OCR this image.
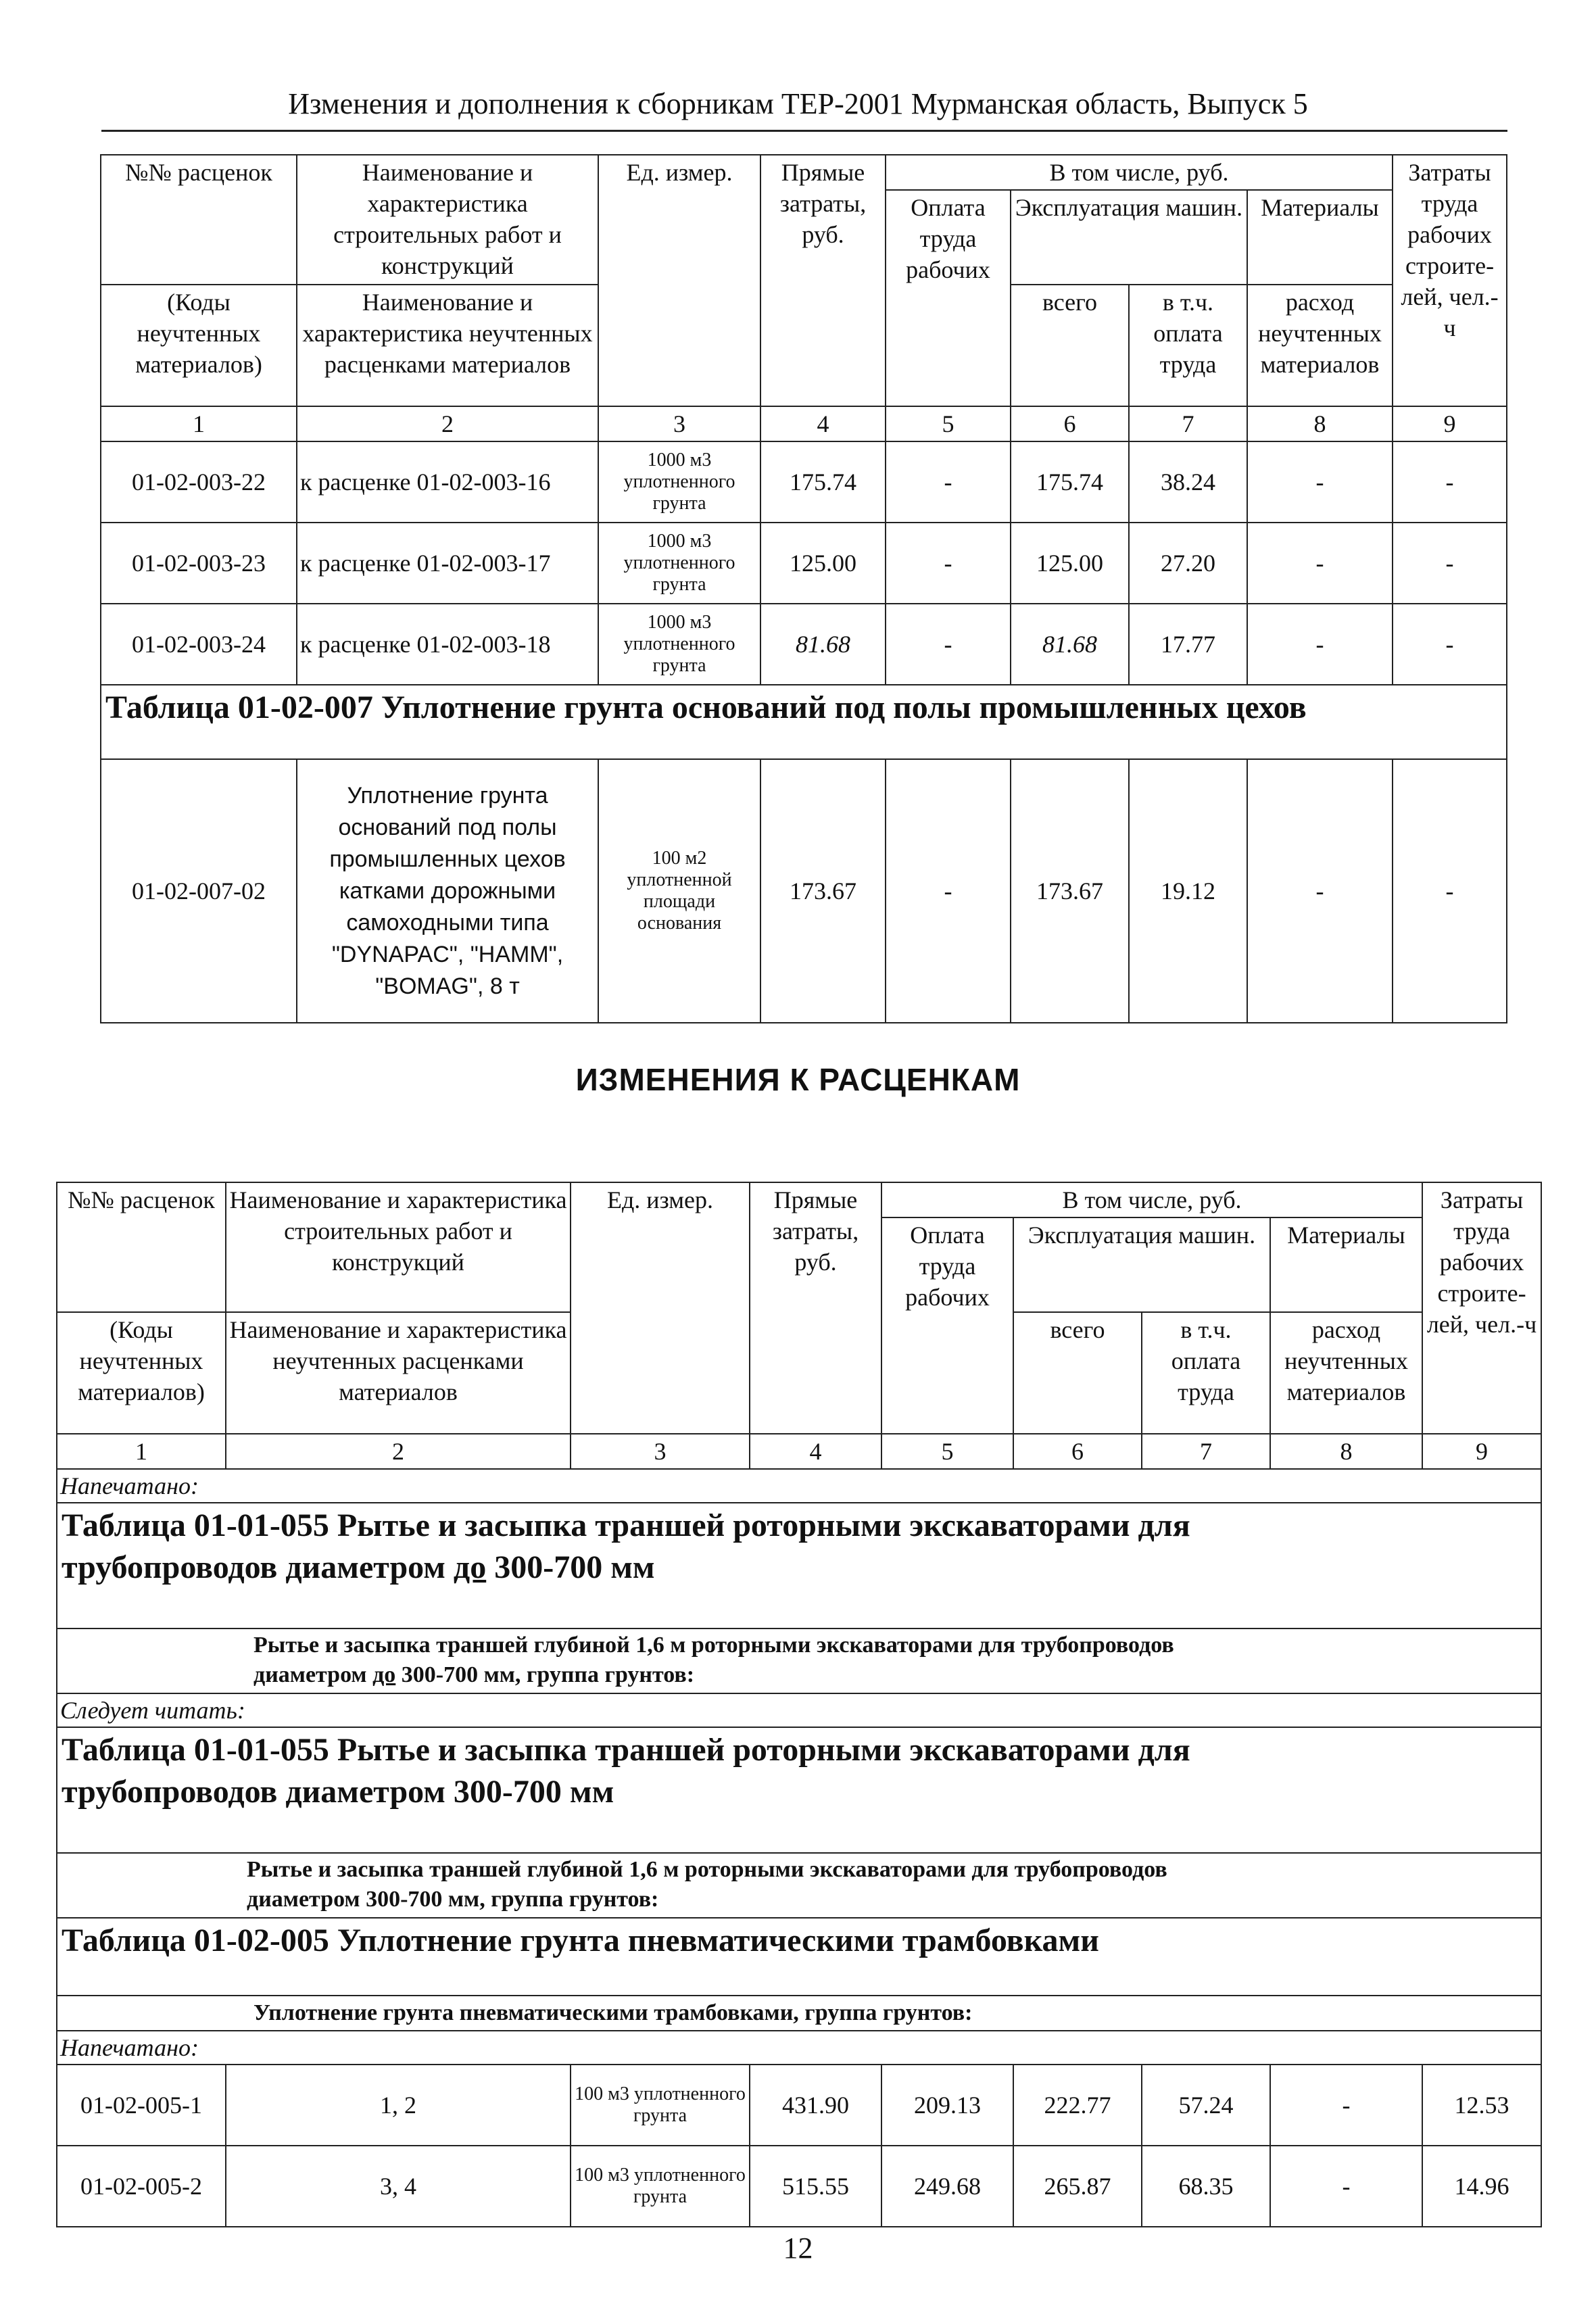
Изменения и дополнения к сборникам ТЕР-2001 Мурманская область, Выпуск 5
№№ расценок	Наименование и характеристика строительных работ и конструкций	Ед. измер.	Прямые затраты, руб.	В том числе, руб.				Затраты труда рабочих строите-лей, чел.-ч
				Оплата труда рабочих	Эксплуатация машин.		Материалы	
(Коды неучтенных материалов)	Наименование и характеристика неучтенных расценками материалов				всего	в т.ч. оплата труда	расход неучтенных материалов	
1	2	3	4	5	6	7	8	9
01-02-003-22	к расценке 01-02-003-16	1000 м3 уплотненного грунта	175.74	-	175.74	38.24	-	-
01-02-003-23	к расценке 01-02-003-17	1000 м3 уплотненного грунта	125.00	-	125.00	27.20	-	-
01-02-003-24	к расценке 01-02-003-18	1000 м3 уплотненного грунта	81.68	-	81.68	17.77	-	-
Таблица 01-02-007 Уплотнение грунта оснований под полы промышленных цехов								

01-02-007-02	Уплотнение грунта оснований под полы промышленных цехов катками дорожными самоходными типа "DYNAPAC", "HAMM", "BOMAG", 8 т	100 м2 уплотненной площади основания	173.67	-	173.67	19.12	-	-
ИЗМЕНЕНИЯ К РАСЦЕНКАМ
№№ расценок	Наименование и характеристика строительных работ и конструкций	Ед. измер.	Прямые затраты, руб.	В том числе, руб.				Затраты труда рабочих строите-лей, чел.-ч
				Оплата труда рабочих	Эксплуатация машин.		Материалы	
(Коды неучтенных материалов)	Наименование и характеристика неучтенных расценками материалов				всего	в т.ч. оплата труда	расход неучтенных материалов	
1	2	3	4	5	6	7	8	9
Напечатано:								

Таблица 01-01-055 Рытье и засыпка траншей роторными экскаваторами для
трубопроводов диаметром до 300-700 мм								

Рытье и засыпка траншей глубиной 1,6 м роторными экскаваторами для трубопроводов
диаметром до 300-700 мм, группа грунтов:								

Следует читать:								

Таблица 01-01-055 Рытье и засыпка траншей роторными экскаваторами для
трубопроводов диаметром 300-700 мм								

Рытье и засыпка траншей глубиной 1,6 м роторными экскаваторами для трубопроводов
диаметром 300-700 мм, группа грунтов:								

Таблица 01-02-005 Уплотнение грунта пневматическими трамбовками								

Уплотнение грунта пневматическими трамбовками, группа грунтов:								
Напечатано:								
01-02-005-1	1, 2	100 м3 уплотненного грунта	431.90	209.13	222.77	57.24	-	12.53
01-02-005-2	3, 4	100 м3 уплотненного грунта	515.55	249.68	265.87	68.35	-	14.96
12
